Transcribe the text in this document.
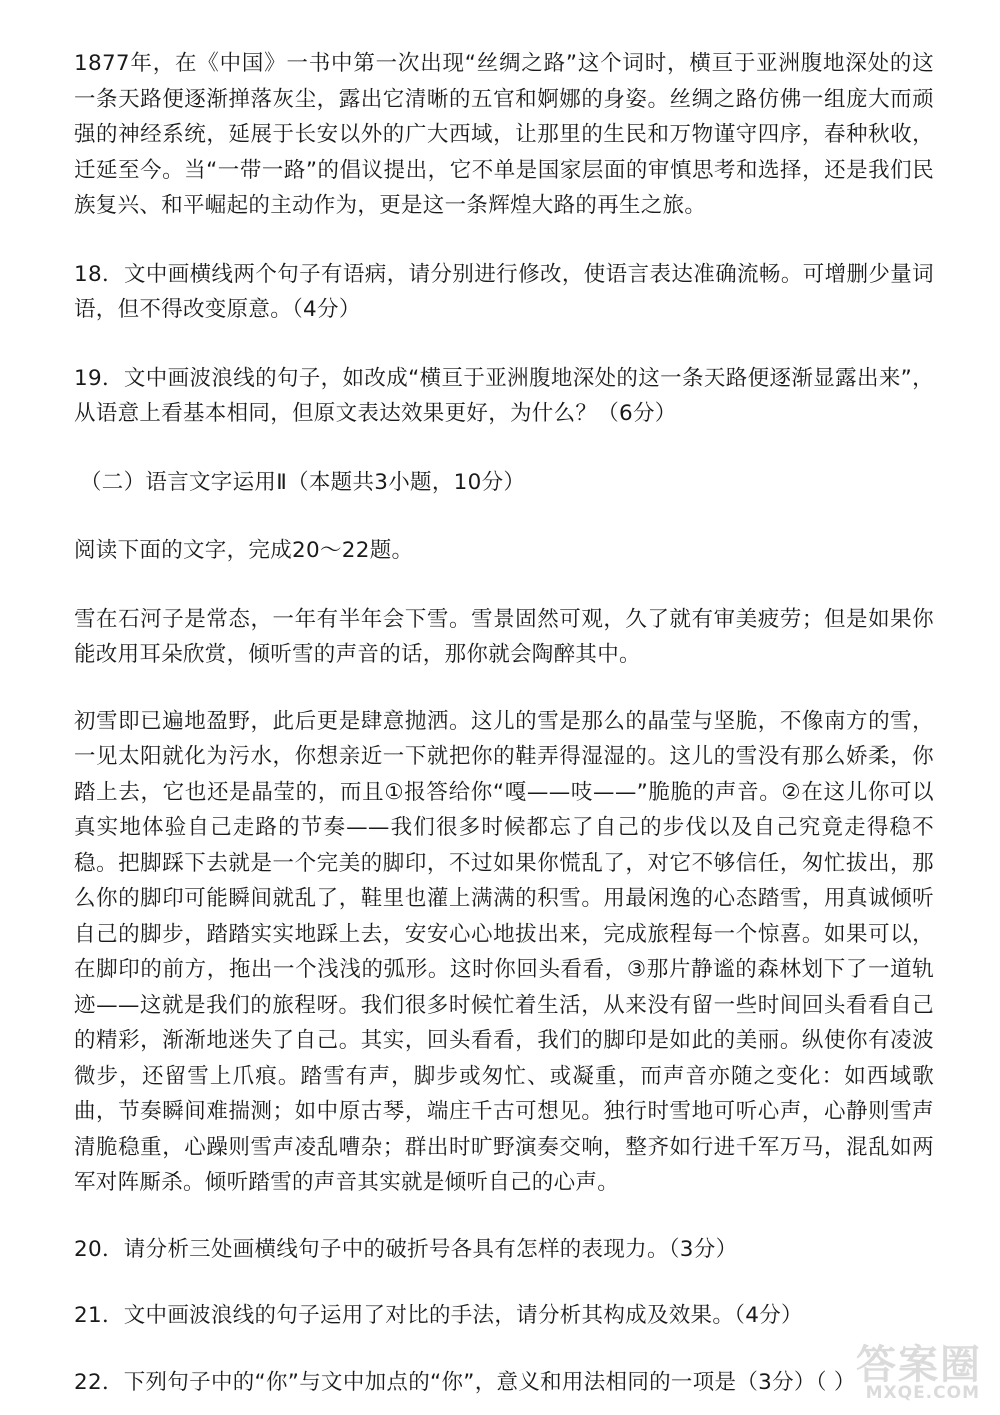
1877年，在《中国》一书中第一次出现“丝绸之路”这个词时，横亘于亚洲腹地深处的这一条天路便逐渐掸落灰尘，露出它清晰的五官和婀娜的身姿。丝绸之路仿佛一组庞大而顽强的神经系统，延展于长安以外的广大西域，让那里的生民和万物谨守四序，春种秋收，迁延至今。当“一带一路”的倡议提出，它不单是国家层面的审慎思考和选择，还是我们民族复兴、和平崛起的主动作为，更是这一条辉煌大路的再生之旅。

18．文中画横线两个句子有语病，请分别进行修改，使语言表达准确流畅。可增删少量词语，但不得改变原意。（4分）

19．文中画波浪线的句子，如改成“横亘于亚洲腹地深处的这一条天路便逐渐显露出来”，从语意上看基本相同，但原文表达效果更好，为什么？（6分）

（二）语言文字运用Ⅱ（本题共3小题，10分）

阅读下面的文字，完成20～22题。

雪在石河子是常态，一年有半年会下雪。雪景固然可观，久了就有审美疲劳；但是如果你能改用耳朵欣赏，倾听雪的声音的话，那你就会陶醉其中。

初雪即已遍地盈野，此后更是肆意抛洒。这儿的雪是那么的晶莹与坚脆，不像南方的雪，一见太阳就化为污水，你想亲近一下就把你的鞋弄得湿湿的。这儿的雪没有那么娇柔，你踏上去，它也还是晶莹的，而且①报答给你“嘎——吱——”脆脆的声音。②在这儿你可以真实地体验自己走路的节奏——我们很多时候都忘了自己的步伐以及自己究竟走得稳不稳。把脚踩下去就是一个完美的脚印，不过如果你慌乱了，对它不够信任，匆忙拔出，那么你的脚印可能瞬间就乱了，鞋里也灌上满满的积雪。用最闲逸的心态踏雪，用真诚倾听自己的脚步，踏踏实实地踩上去，安安心心地拔出来，完成旅程每一个惊喜。如果可以，在脚印的前方，拖出一个浅浅的弧形。这时你回头看看，③那片静谧的森林划下了一道轨迹——这就是我们的旅程呀。我们很多时候忙着生活，从来没有留一些时间回头看看自己的精彩，渐渐地迷失了自己。其实，回头看看，我们的脚印是如此的美丽。纵使你有凌波微步，还留雪上爪痕。踏雪有声，脚步或匆忙、或凝重，而声音亦随之变化：如西域歌曲，节奏瞬间难揣测；如中原古琴，端庄千古可想见。独行时雪地可听心声，心静则雪声清脆稳重，心躁则雪声凌乱嘈杂；群出时旷野演奏交响，整齐如行进千军万马，混乱如两军对阵厮杀。倾听踏雪的声音其实就是倾听自己的心声。

20．请分析三处画横线句子中的破折号各具有怎样的表现力。（3分）

21．文中画波浪线的句子运用了对比的手法，请分析其构成及效果。（4分）

22．下列句子中的“你”与文中加点的“你”，意义和用法相同的一项是（3分）（ ） 答案圈
MXQE.COM
